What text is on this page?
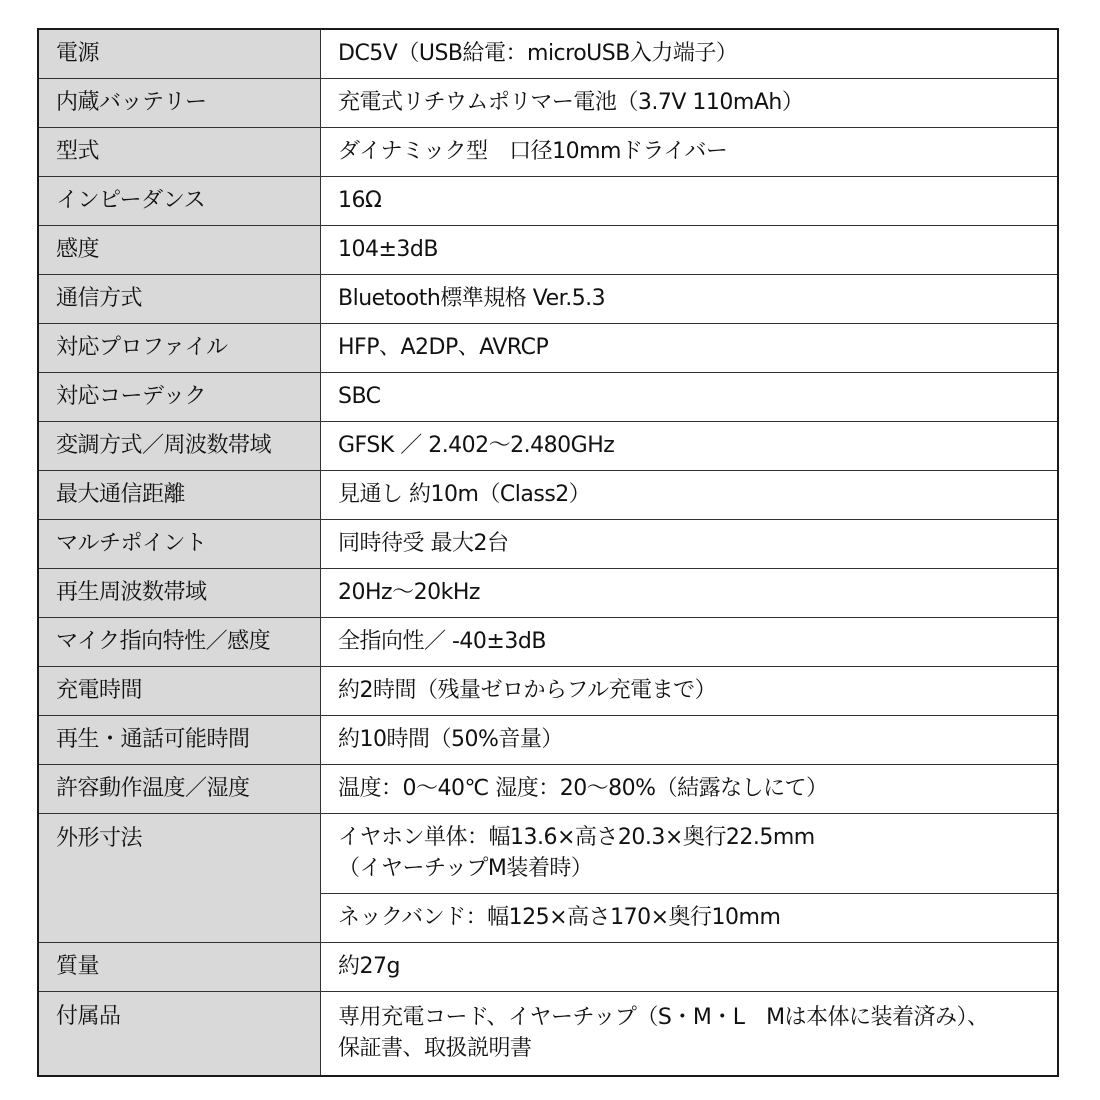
電源	DC5V（USB給電：microUSB入力端子）
内蔵バッテリー	充電式リチウムポリマー電池（3.7V 110mAh）
型式	ダイナミック型　口径10mmドライバー
インピーダンス	16Ω
感度	104±3dB
通信方式	Bluetooth標準規格 Ver.5.3
対応プロファイル	HFP、A2DP、AVRCP
対応コーデック	SBC
変調方式／周波数帯域	GFSK ／ 2.402〜2.480GHz
最大通信距離	見通し 約10m（Class2）
マルチポイント	同時待受 最大2台
再生周波数帯域	20Hz〜20kHz
マイク指向特性／感度	全指向性／ -40±3dB
充電時間	約2時間（残量ゼロからフル充電まで）
再生・通話可能時間	約10時間（50%音量）
許容動作温度／湿度	温度：0〜40℃ 湿度：20〜80%（結露なしにて）
外形寸法	イヤホン単体：幅13.6×高さ20.3×奥行22.5mm
（イヤーチップM装着時）

	ネックバンド：幅125×高さ170×奥行10mm
質量	約27g
付属品	専用充電コード、イヤーチップ（S・M・L　Mは本体に装着済み）、
保証書、取扱説明書
